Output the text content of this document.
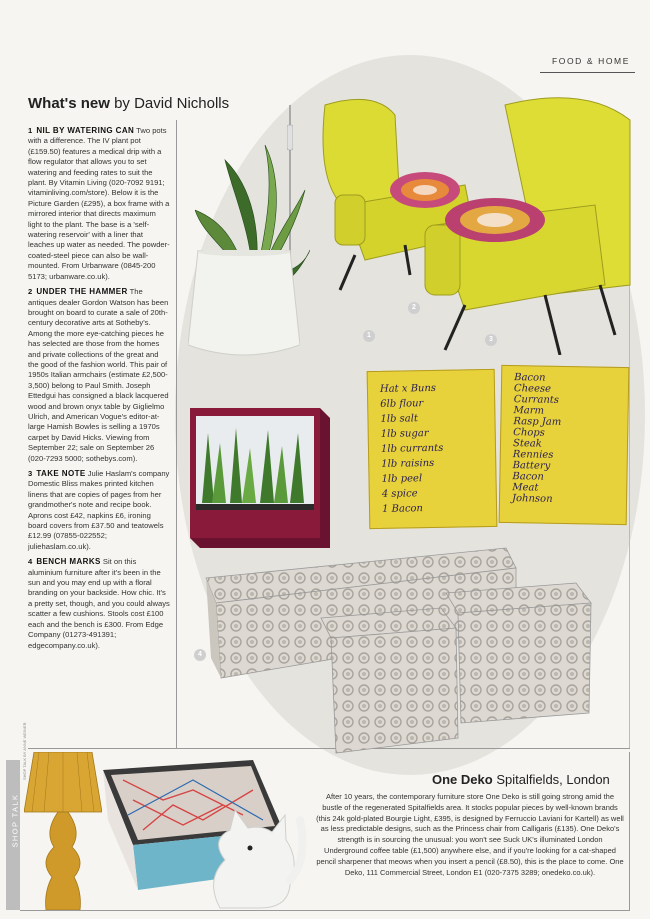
FOOD & HOME
What's new by David Nicholls
1 NIL BY WATERING CAN Two pots with a difference. The IV plant pot (£159.50) features a medical drip with a flow regulator that allows you to set watering and feeding rates to suit the plant. By Vitamin Living (020-7092 9191; vitaminliving.com/store). Below it is the Picture Garden (£295), a box frame with a mirrored interior that directs maximum light to the plant. The base is a 'self-watering reservoir' with a liner that leaches up water as needed. The powder-coated-steel piece can also be wall-mounted. From Urbanware (0845-200 5173; urbanware.co.uk).
2 UNDER THE HAMMER The antiques dealer Gordon Watson has been brought on board to curate a sale of 20th-century decorative arts at Sotheby's. Among the more eye-catching pieces he has selected are those from the homes and private collections of the great and the good of the fashion world. This pair of 1950s Italian armchairs (estimate £2,500-3,500) belong to Paul Smith. Joseph Ettedgui has consigned a black lacquered wood and brown onyx table by Giglielmo Ulrich, and American Vogue's editor-at-large Hamish Bowles is selling a 1970s carpet by David Hicks. Viewing from September 22; sale on September 26 (020-7293 5000; sothebys.com).
3 TAKE NOTE Julie Haslam's company Domestic Bliss makes printed kitchen linens that are copies of pages from her grandmother's note and recipe book. Aprons cost £42, napkins £6, ironing board covers from £37.50 and teatowels £12.99 (07855-022552; juliehaslam.co.uk).
4 BENCH MARKS Sit on this aluminium furniture after it's been in the sun and you may end up with a floral branding on your backside. How chic. It's a pretty set, though, and you could always scatter a few cushions. Stools cost £100 each and the bench is £300. From Edge Company (01273-491391; edgecompany.co.uk).
Hat x Buns
6lb flour
1lb salt
1lb sugar
1lb currants
1lb raisins
1lb peel
4 spice
1 Bacon
Bacon
Cheese
Currants
Marm
Rasp Jam
Chops
Steak
Rennies
Battery
Bacon
Meat
Johnson
1
2
3
4
SHOP TALK
SHOP TALK BY ANNE WEINER	One Deko Spitalfields, London
After 10 years, the contemporary furniture store One Deko is still going strong amid the bustle of the regenerated Spitalfields area. It stocks popular pieces by well-known brands (this 24k gold-plated Bourgie Light, £395, is designed by Ferruccio Laviani for Kartell) as well as less predictable designs, such as the Princess chair from Calligaris (£135). One Deko's strength is in sourcing the unusual: you won't see Suck UK's illuminated London Underground coffee table (£1,500) anywhere else, and if you're looking for a cat-shaped pencil sharpener that meows when you insert a pencil (£8.50), this is the place to come. One Deko, 111 Commercial Street, London E1 (020-7375 3289; onedeko.co.uk).
